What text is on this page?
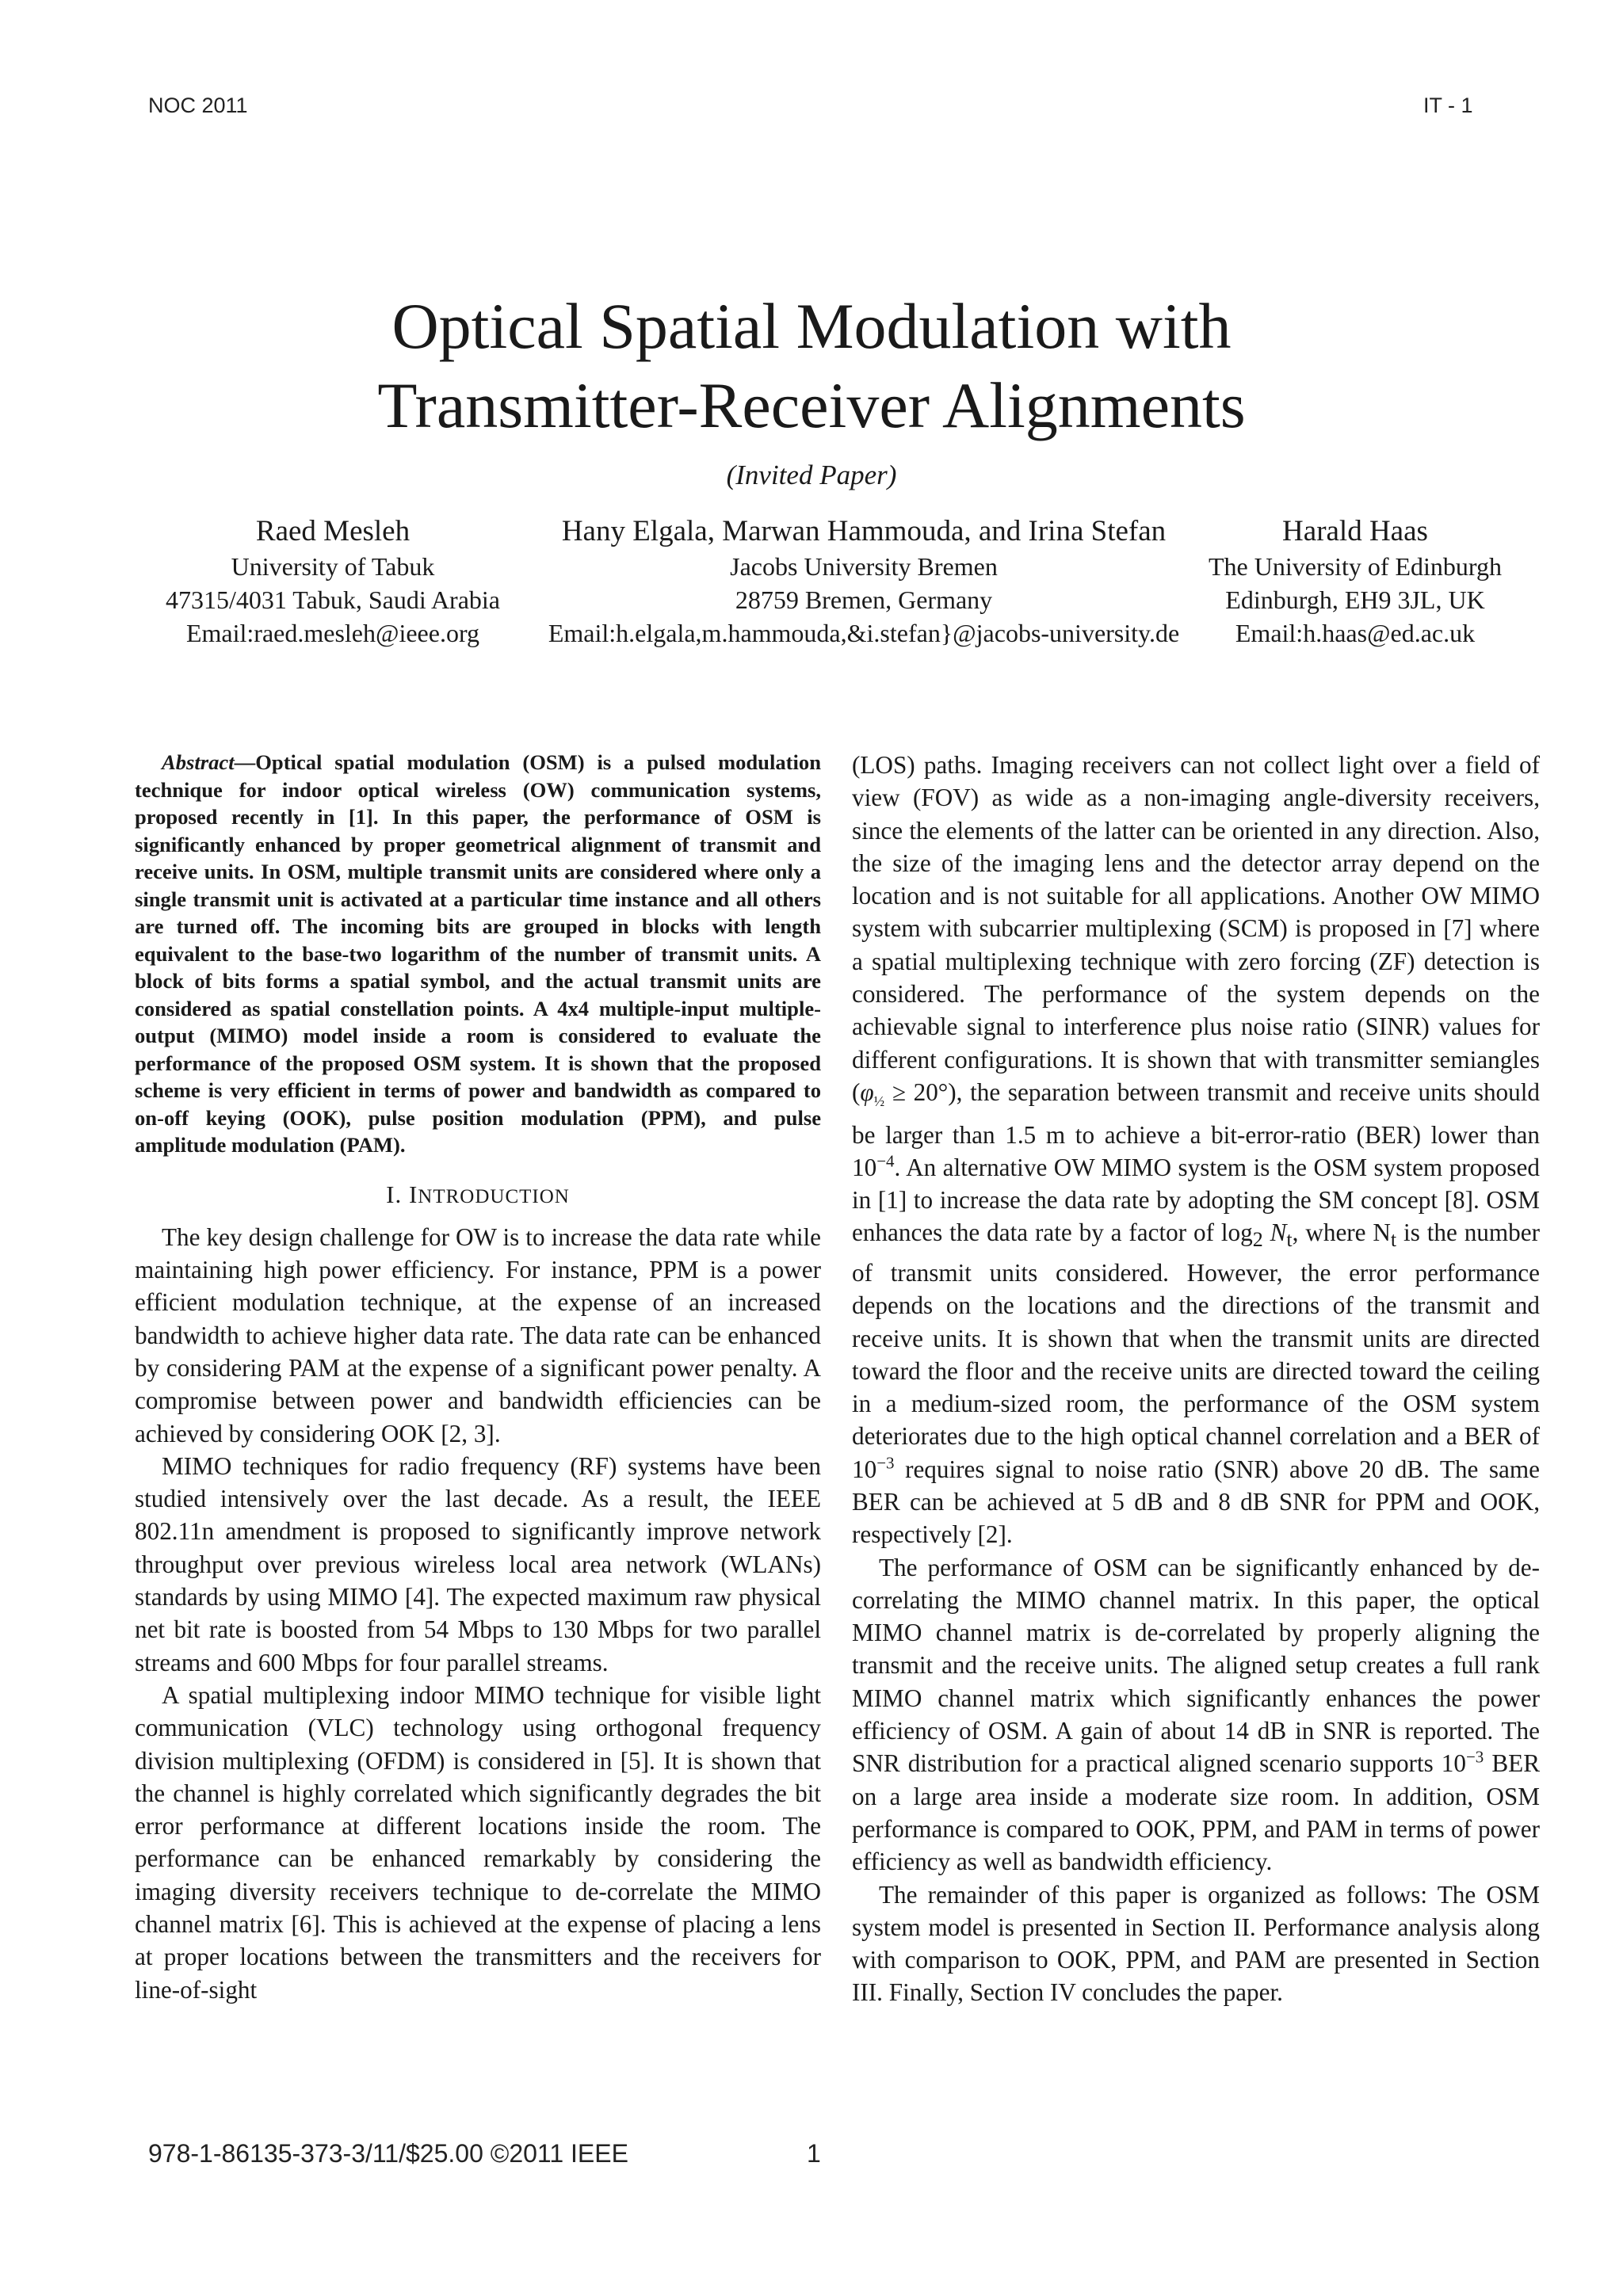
NOC 2011	IT - 1
Optical Spatial Modulation with
Transmitter-Receiver Alignments
(Invited Paper)
Raed Mesleh
University of Tabuk
47315/4031 Tabuk, Saudi Arabia
Email:raed.mesleh@ieee.org
Hany Elgala, Marwan Hammouda, and Irina Stefan
Jacobs University Bremen
28759 Bremen, Germany
Email:h.elgala,m.hammouda,&i.stefan}@jacobs-university.de
Harald Haas
The University of Edinburgh
Edinburgh, EH9 3JL, UK
Email:h.haas@ed.ac.uk

Abstract—Optical spatial modulation (OSM) is a pulsed modulation technique for indoor optical wireless (OW) communication systems, proposed recently in [1]. In this paper, the performance of OSM is significantly enhanced by proper geometrical alignment of transmit and receive units. In OSM, multiple transmit units are considered where only a single transmit unit is activated at a particular time instance and all others are turned off. The incoming bits are grouped in blocks with length equivalent to the base-two logarithm of the number of transmit units. A block of bits forms a spatial symbol, and the actual transmit units are considered as spatial constellation points. A 4x4 multiple-input multiple-output (MIMO) model inside a room is considered to evaluate the performance of the proposed OSM system. It is shown that the proposed scheme is very efficient in terms of power and bandwidth as compared to on-off keying (OOK), pulse position modulation (PPM), and pulse amplitude modulation (PAM).

I. INTRODUCTION

The key design challenge for OW is to increase the data rate while maintaining high power efficiency. For instance, PPM is a power efficient modulation technique, at the expense of an increased bandwidth to achieve higher data rate. The data rate can be enhanced by considering PAM at the expense of a significant power penalty. A compromise between power and bandwidth efficiencies can be achieved by considering OOK [2, 3].

MIMO techniques for radio frequency (RF) systems have been studied intensively over the last decade. As a result, the IEEE 802.11n amendment is proposed to significantly improve network throughput over previous wireless local area network (WLANs) standards by using MIMO [4]. The expected maximum raw physical net bit rate is boosted from 54 Mbps to 130 Mbps for two parallel streams and 600 Mbps for four parallel streams.

A spatial multiplexing indoor MIMO technique for visible light communication (VLC) technology using orthogonal frequency division multiplexing (OFDM) is considered in [5]. It is shown that the channel is highly correlated which significantly degrades the bit error performance at different locations inside the room. The performance can be enhanced remarkably by considering the imaging diversity receivers technique to de-correlate the MIMO channel matrix [6]. This is achieved at the expense of placing a lens at proper locations between the transmitters and the receivers for line-of-sight

(LOS) paths. Imaging receivers can not collect light over a field of view (FOV) as wide as a non-imaging angle-diversity receivers, since the elements of the latter can be oriented in any direction. Also, the size of the imaging lens and the detector array depend on the location and is not suitable for all applications. Another OW MIMO system with subcarrier multiplexing (SCM) is proposed in [7] where a spatial multiplexing technique with zero forcing (ZF) detection is considered. The performance of the system depends on the achievable signal to interference plus noise ratio (SINR) values for different configurations. It is shown that with transmitter semiangles $(\varphi_{\frac{1}{2}} \ge 20^\circ)$, the separation between transmit and receive units should be larger than 1.5 m to achieve a bit-error-ratio (BER) lower than $10^{-4}$. An alternative OW MIMO system is the OSM system proposed in [1] to increase the data rate by adopting the SM concept [8]. OSM enhances the data rate by a factor of $\log_2 N_t$, where $N_t$ is the number of transmit units considered. However, the error performance depends on the locations and the directions of the transmit and receive units. It is shown that when the transmit units are directed toward the floor and the receive units are directed toward the ceiling in a medium-sized room, the performance of the OSM system deteriorates due to the high optical channel correlation and a BER of $10^{-3}$ requires signal to noise ratio (SNR) above 20 dB. The same BER can be achieved at 5 dB and 8 dB SNR for PPM and OOK, respectively [2].

The performance of OSM can be significantly enhanced by de-correlating the MIMO channel matrix. In this paper, the optical MIMO channel matrix is de-correlated by properly aligning the transmit and the receive units. The aligned setup creates a full rank MIMO channel matrix which significantly enhances the power efficiency of OSM. A gain of about 14 dB in SNR is reported. The SNR distribution for a practical aligned scenario supports $10^{-3}$ BER on a large area inside a moderate size room. In addition, OSM performance is compared to OOK, PPM, and PAM in terms of power efficiency as well as bandwidth efficiency.

The remainder of this paper is organized as follows: The OSM system model is presented in Section II. Performance analysis along with comparison to OOK, PPM, and PAM are presented in Section III. Finally, Section IV concludes the paper.

978-1-86135-373-3/11/$25.00 ©2011 IEEE	1
